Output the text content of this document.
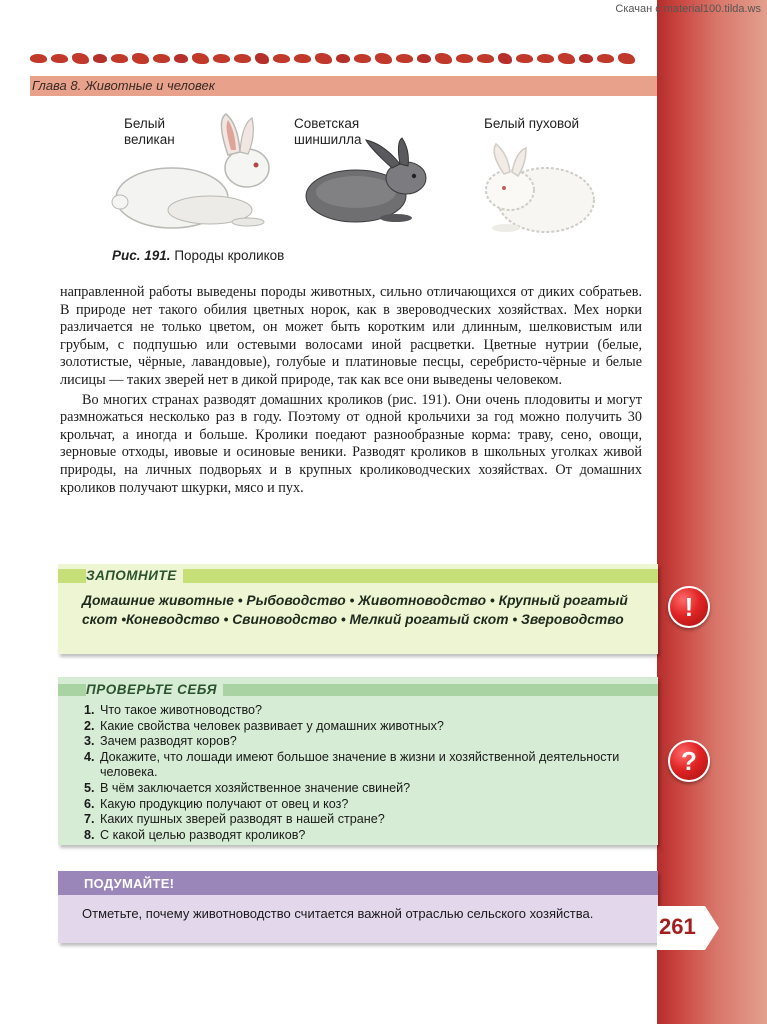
Скачан с material100.tilda.ws
Глава 8. Животные и человек
Белый
великан
Советская
шиншилла
Белый пуховой
Рис. 191. Породы кроликов

направленной работы выведены породы животных, сильно отличающихся от диких собратьев. В природе нет такого обилия цветных норок, как в звероводческих хозяйствах. Мех норки различается не только цветом, он может быть коротким или длинным, шелковистым или грубым, с подпушью или остевыми волосами иной расцветки. Цветные нутрии (белые, золотистые, чёрные, лавандовые), голубые и платиновые песцы, серебристо-чёрные и белые лисицы — таких зверей нет в дикой природе, так как все они выведены человеком.

Во многих странах разводят домашних кроликов (рис. 191). Они очень плодовиты и могут размножаться несколько раз в году. Поэтому от одной крольчихи за год можно получить 30 крольчат, а иногда и больше. Кролики поедают разнообразные корма: траву, сено, овощи, зерновые отходы, ивовые и осиновые веники. Разводят кроликов в школьных уголках живой природы, на личных подворьях и в крупных кролиководческих хозяйствах. От домашних кроликов получают шкурки, мясо и пух.

ЗАПОМНИТЕ
Домашние животные • Рыбоводство • Животноводство • Крупный рогатый скот •Коневодство • Свиноводство • Мелкий рогатый скот • Звероводство	!
ПРОВЕРЬТЕ СЕБЯ
1. Что такое животноводство?
2. Какие свойства человек развивает у домашних животных?
3. Зачем разводят коров?
4. Докажите, что лошади имеют большое значение в жизни и хозяйственной деятельности человека.
5. В чём заключается хозяйственное значение свиней?
6. Какую продукцию получают от овец и коз?
7. Каких пушных зверей разводят в нашей стране?
8. С какой целью разводят кроликов?
?
ПОДУМАЙТЕ!
Отметьте, почему животноводство считается важной отраслью сельского хозяйства.
261
